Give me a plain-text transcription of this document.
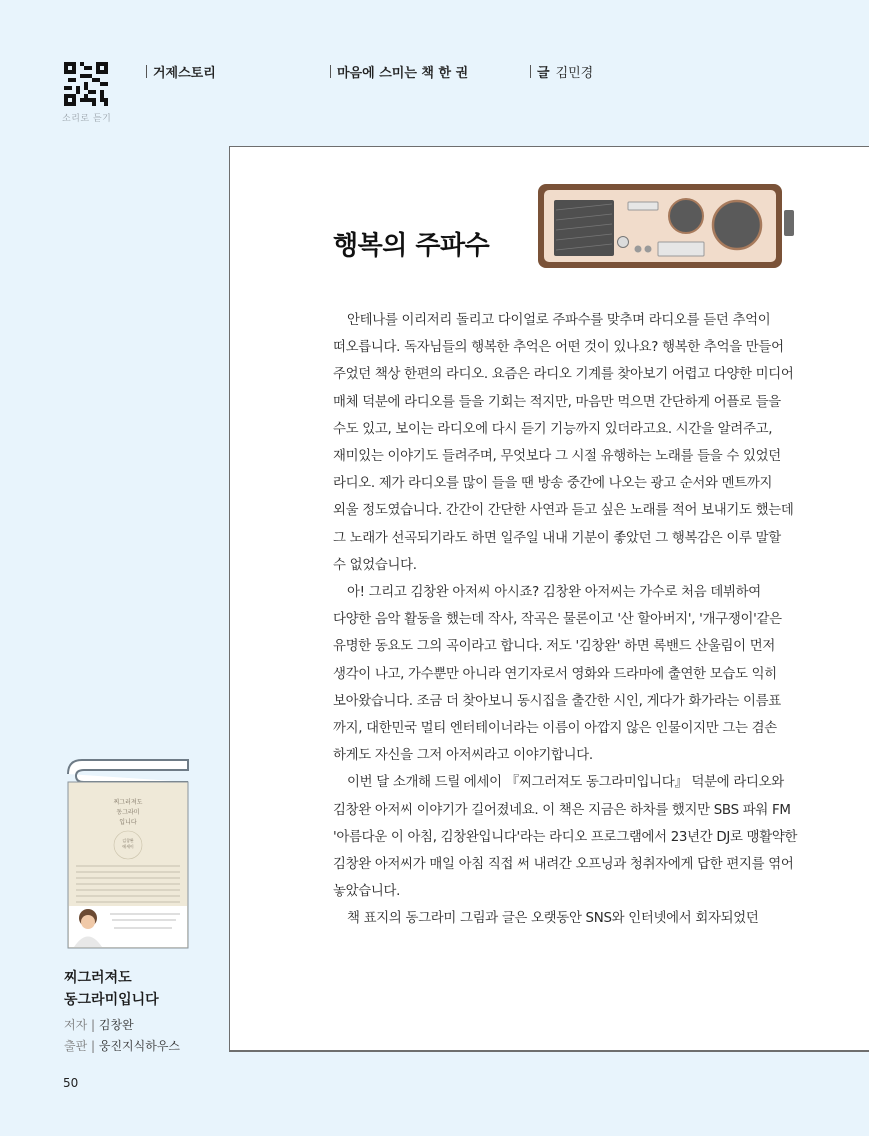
소리로 듣기
거제스토리	마음에 스미는 책 한 권	글 김민경
행복의 주파수

안테나를 이리저리 돌리고 다이얼로 주파수를 맞추며 라디오를 듣던 추억이
떠오릅니다. 독자님들의 행복한 추억은 어떤 것이 있나요? 행복한 추억을 만들어
주었던 책상 한편의 라디오. 요즘은 라디오 기계를 찾아보기 어렵고 다양한 미디어
매체 덕분에 라디오를 들을 기회는 적지만, 마음만 먹으면 간단하게 어플로 들을
수도 있고, 보이는 라디오에 다시 듣기 기능까지 있더라고요. 시간을 알려주고,
재미있는 이야기도 들려주며, 무엇보다 그 시절 유행하는 노래를 들을 수 있었던
라디오. 제가 라디오를 많이 들을 땐 방송 중간에 나오는 광고 순서와 멘트까지
외울 정도였습니다. 간간이 간단한 사연과 듣고 싶은 노래를 적어 보내기도 했는데
그 노래가 선곡되기라도 하면 일주일 내내 기분이 좋았던 그 행복감은 이루 말할
수 없었습니다.

아! 그리고 김창완 아저씨 아시죠? 김창완 아저씨는 가수로 처음 데뷔하여
다양한 음악 활동을 했는데 작사, 작곡은 물론이고 '산 할아버지', '개구쟁이'같은
유명한 동요도 그의 곡이라고 합니다. 저도 '김창완' 하면 록밴드 산울림이 먼저
생각이 나고, 가수뿐만 아니라 연기자로서 영화와 드라마에 출연한 모습도 익히
보아왔습니다. 조금 더 찾아보니 동시집을 출간한 시인, 게다가 화가라는 이름표
까지, 대한민국 멀티 엔터테이너라는 이름이 아깝지 않은 인물이지만 그는 겸손
하게도 자신을 그저 아저씨라고 이야기합니다.

이번 달 소개해 드릴 에세이 『찌그러져도 동그라미입니다』 덕분에 라디오와
김창완 아저씨 이야기가 길어졌네요. 이 책은 지금은 하차를 했지만 SBS 파워 FM
'아름다운 이 아침, 김창완입니다'라는 라디오 프로그램에서 23년간 DJ로 맹활약한
김창완 아저씨가 매일 아침 직접 써 내려간 오프닝과 청취자에게 답한 편지를 엮어
놓았습니다.

책 표지의 동그라미 그림과 글은 오랫동안 SNS와 인터넷에서 회자되었던

찌그러져도
동그라미
입니다
김창완
에세이
찌그러져도
동그라미입니다
저자 | 김창완
출판 | 웅진지식하우스
50
